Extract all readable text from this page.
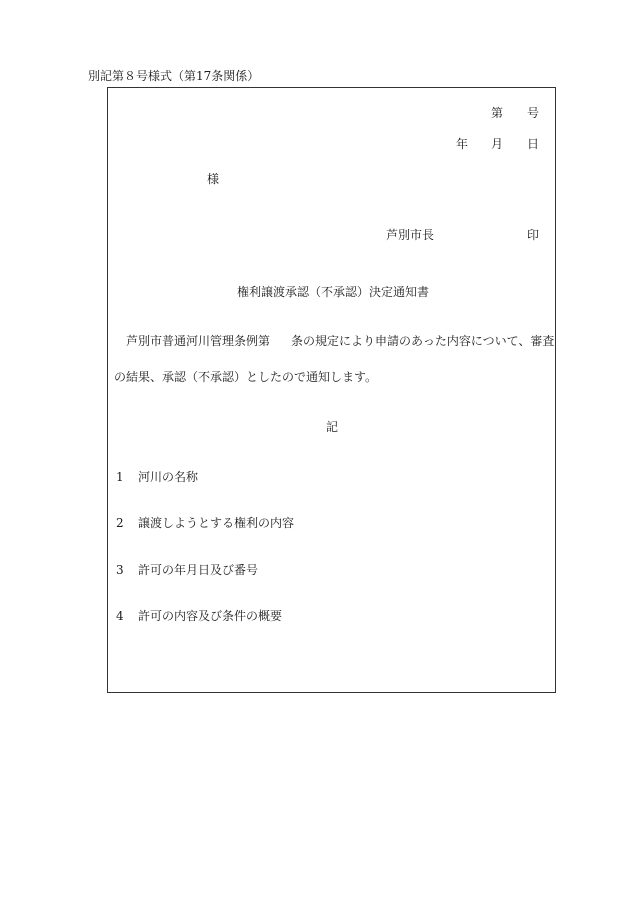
別記第８号様式（第17条関係）
第 号
年 月 日
様
芦別市長	印
権利譲渡承認（不承認）決定通知書
芦別市普通河川管理条例第 条の規定により申請のあった内容について、審査
の結果、承認（不承認）としたので通知します。
記
1 河川の名称
2 譲渡しようとする権利の内容
3 許可の年月日及び番号
4 許可の内容及び条件の概要
